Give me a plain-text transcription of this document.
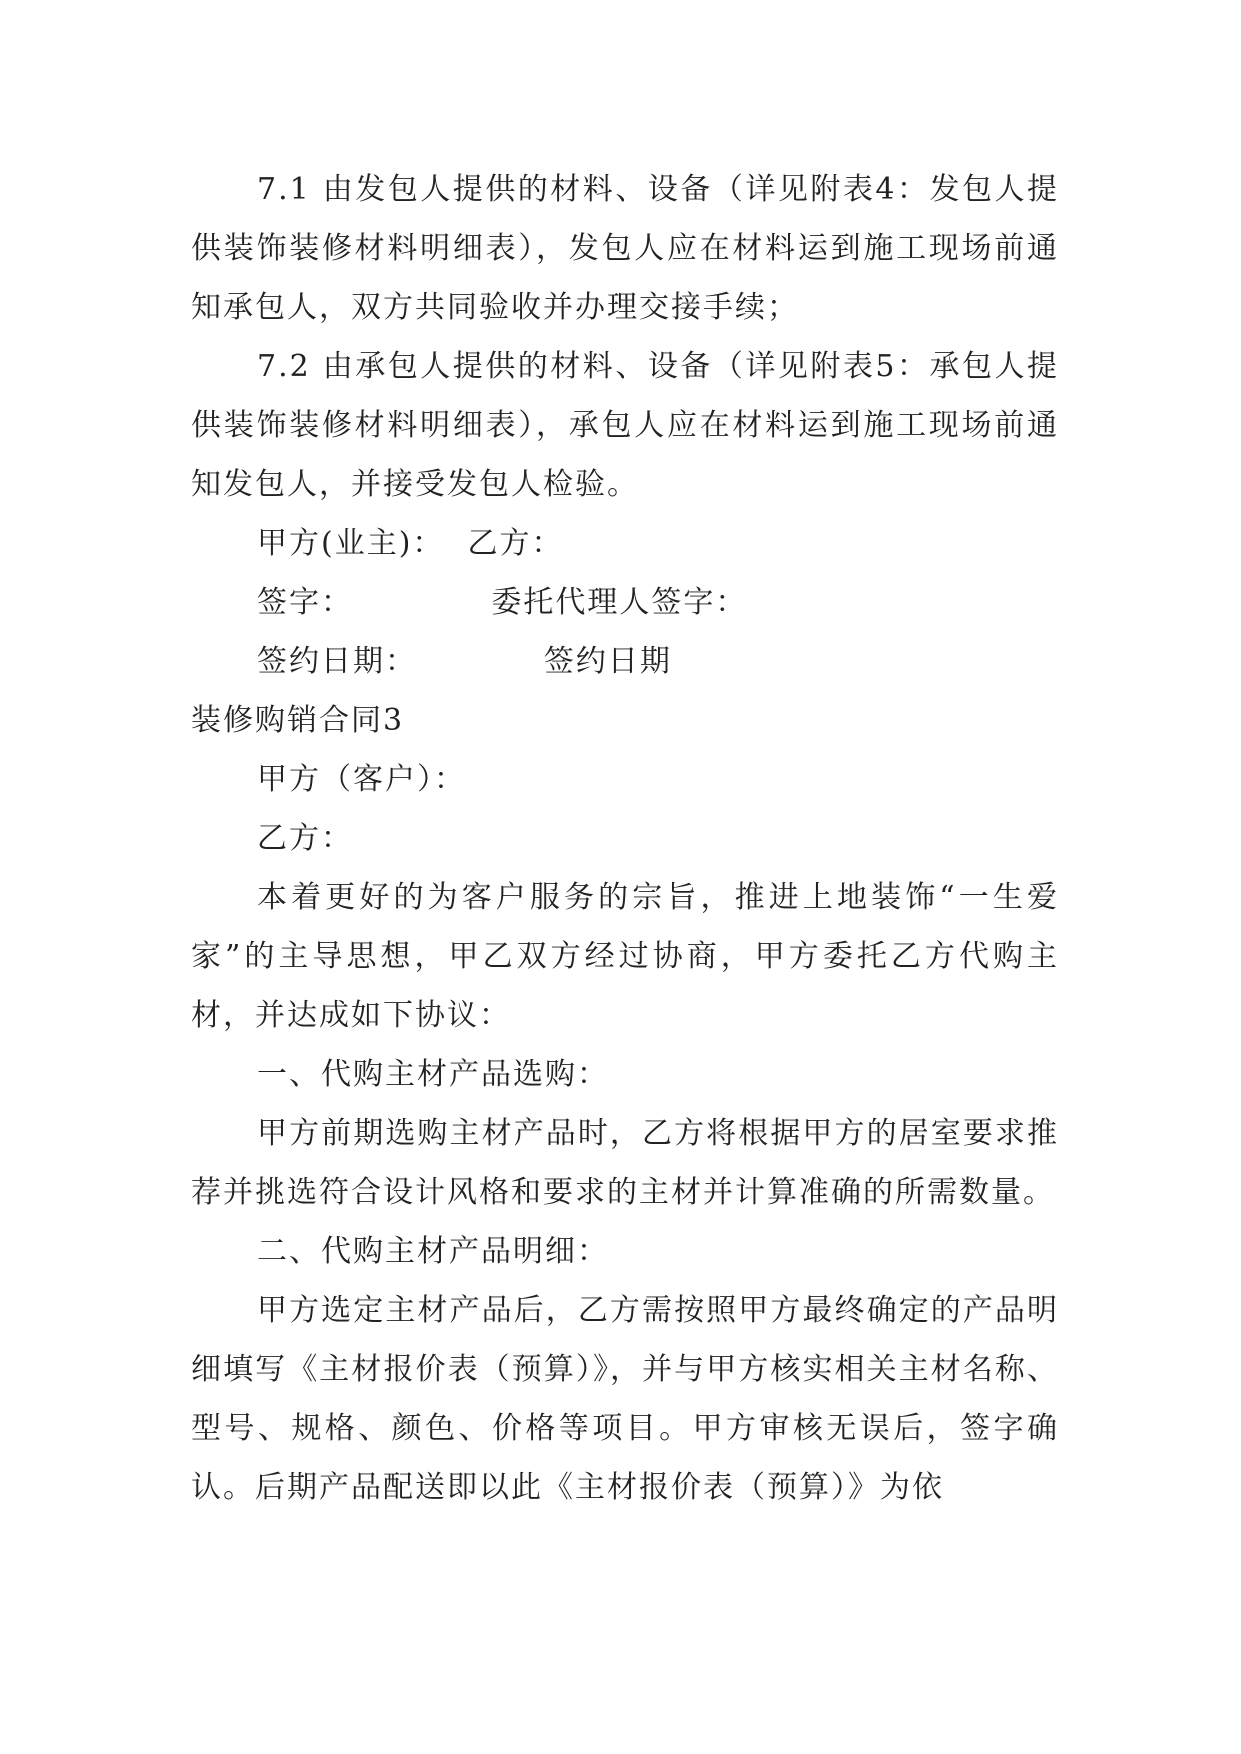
7.1 由发包人提供的材料、设备（详见附表4：发包人提供装饰装修材料明细表），发包人应在材料运到施工现场前通知承包人，双方共同验收并办理交接手续；

7.2 由承包人提供的材料、设备（详见附表5：承包人提供装饰装修材料明细表），承包人应在材料运到施工现场前通知发包人，并接受发包人检验。

甲方(业主)：  乙方：

签字：            委托代理人签字：

签约日期：           签约日期

装修购销合同3

甲方（客户）：

乙方：

本着更好的为客户服务的宗旨，推进上地装饰“一生爱家”的主导思想，甲乙双方经过协商，甲方委托乙方代购主材，并达成如下协议：

一、代购主材产品选购：

甲方前期选购主材产品时，乙方将根据甲方的居室要求推荐并挑选符合设计风格和要求的主材并计算准确的所需数量。

二、代购主材产品明细：

甲方选定主材产品后，乙方需按照甲方最终确定的产品明细填写《主材报价表（预算）》，并与甲方核实相关主材名称、型号、规格、颜色、价格等项目。甲方审核无误后，签字确认。后期产品配送即以此《主材报价表（预算）》为依
